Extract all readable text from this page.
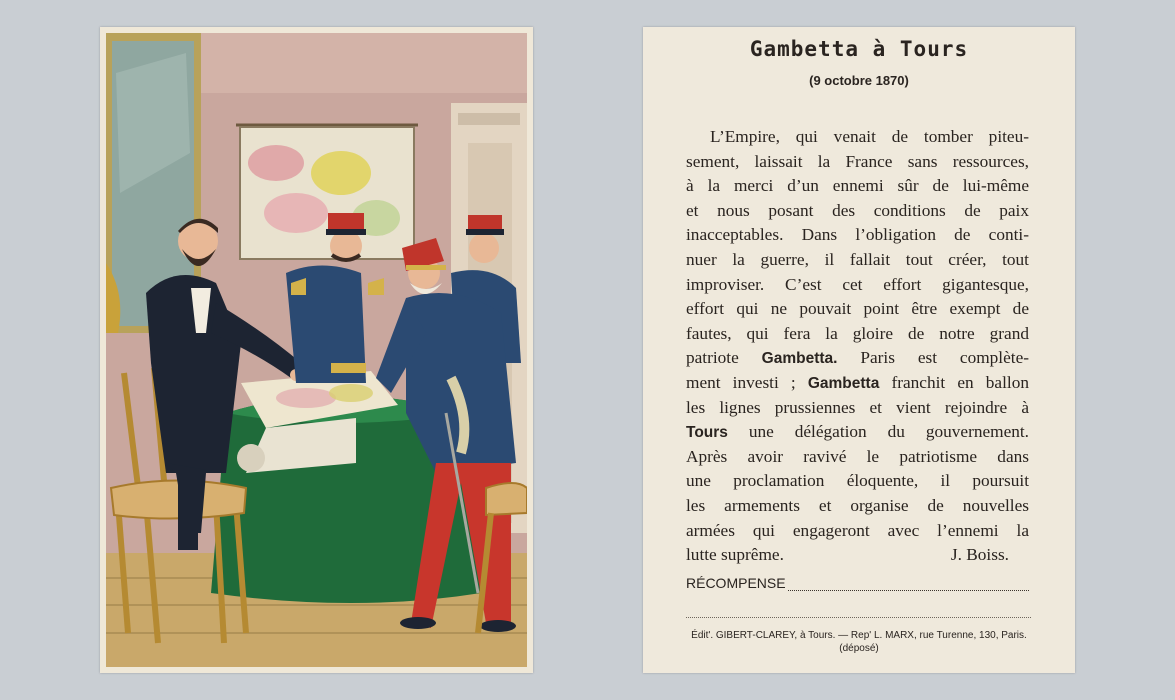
Gambetta à Tours
(9 octobre 1870)
L’Empire, qui venait de tomber piteu-
sement, laissait la France sans ressources,
à la merci d’un ennemi sûr de lui-même
et nous posant des conditions de paix
inacceptables. Dans l’obligation de conti-
nuer la guerre, il fallait tout créer, tout
improviser. C’est cet effort gigantesque,
effort qui ne pouvait point être exempt de
fautes, qui fera la gloire de notre grand
patriote Gambetta. Paris est complète-
ment investi ; Gambetta franchit en ballon
les lignes prussiennes et vient rejoindre à
Tours une délégation du gouvernement.
Après avoir ravivé le patriotisme dans
une proclamation éloquente, il poursuit
les armements et organise de nouvelles
armées qui engageront avec l’ennemi la
lutte suprême.	J. Boiss.
RÉCOMPENSE
Édit'. GIBERT-CLAREY, à Tours. — Rep' L. MARX, rue Turenne, 130, Paris.
(déposé)
